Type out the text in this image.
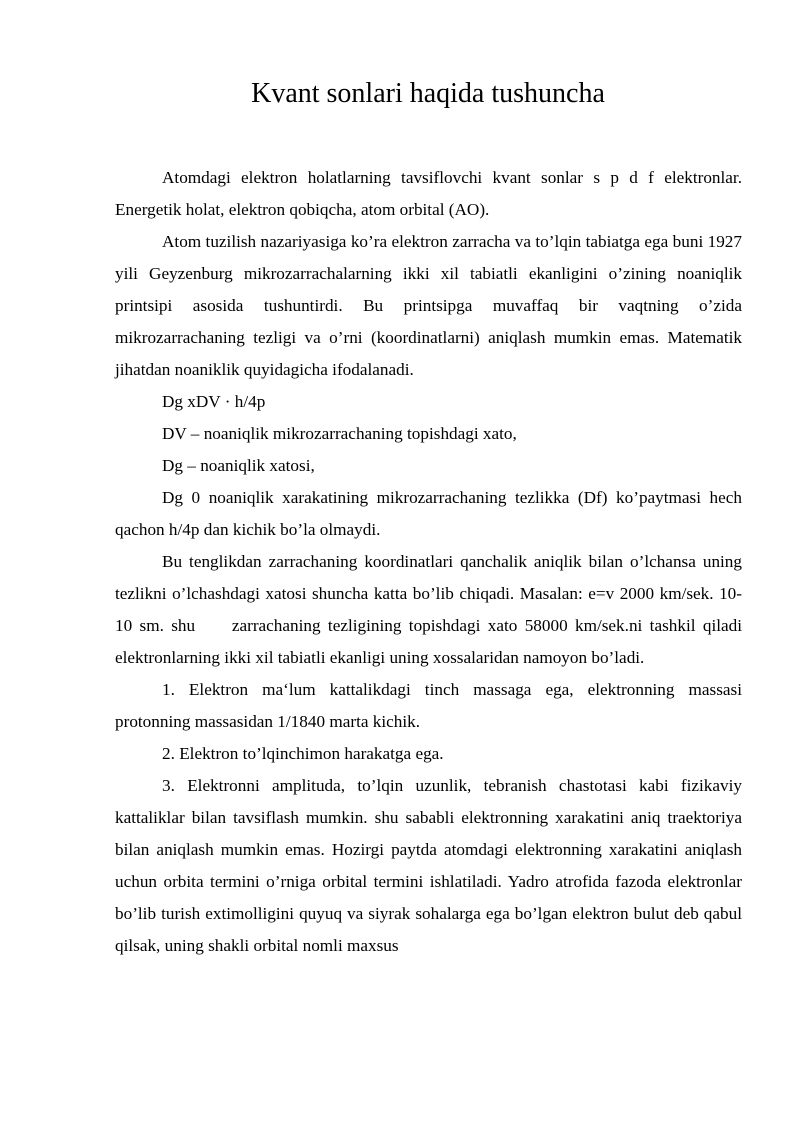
Kvant sonlari haqida tushuncha

Atomdagi elektron holatlarning tavsiflovchi kvant sonlar s p d f elektronlar. Energetik holat, elektron qobiqcha, atom orbital (AO).

Atom tuzilish nazariyasiga ko’ra elektron zarracha va to’lqin tabiatga ega buni 1927 yili Geyzenburg mikrozarrachalarning ikki xil tabiatli ekanligini o’zining noaniqlik printsipi asosida tushuntirdi. Bu printsipga muvaffaq bir vaqtning o’zida mikrozarrachaning tezligi va o’rni (koordinatlarni) aniqlash mumkin emas. Matematik jihatdan noaniklik quyidagicha ifodalanadi.

Dg xDV · h/4p

DV – noaniqlik mikrozarrachaning topishdagi xato,

Dg – noaniqlik xatosi,

Dg 0 noaniqlik xarakatining mikrozarrachaning tezlikka (Df) ko’paytmasi hech qachon h/4p dan kichik bo’la olmaydi.

Bu tenglikdan zarrachaning koordinatlari qanchalik aniqlik bilan o’lchansa uning tezlikni o’lchashdagi xatosi shuncha katta bo’lib chiqadi. Masalan: e=v 2000 km/sek. 10-10 sm. shu     zarrachaning tezligining topishdagi xato 58000 km/sek.ni tashkil qiladi elektronlarning ikki xil tabiatli ekanligi uning xossalaridan namoyon bo’ladi.

1. Elektron ma‘lum kattalikdagi tinch massaga ega, elektronning massasi protonning massasidan 1/1840 marta kichik.

2. Elektron to’lqinchimon harakatga ega.

3. Elektronni amplituda, to’lqin uzunlik, tebranish chastotasi kabi fizikaviy kattaliklar bilan tavsiflash mumkin. shu sababli elektronning xarakatini aniq traektoriya bilan aniqlash mumkin emas. Hozirgi paytda atomdagi elektronning xarakatini aniqlash uchun orbita termini o’rniga orbital termini ishlatiladi. Yadro atrofida fazoda elektronlar bo’lib turish extimolligini quyuq va siyrak sohalarga ega bo’lgan elektron bulut deb qabul qilsak, uning shakli orbital nomli maxsus
